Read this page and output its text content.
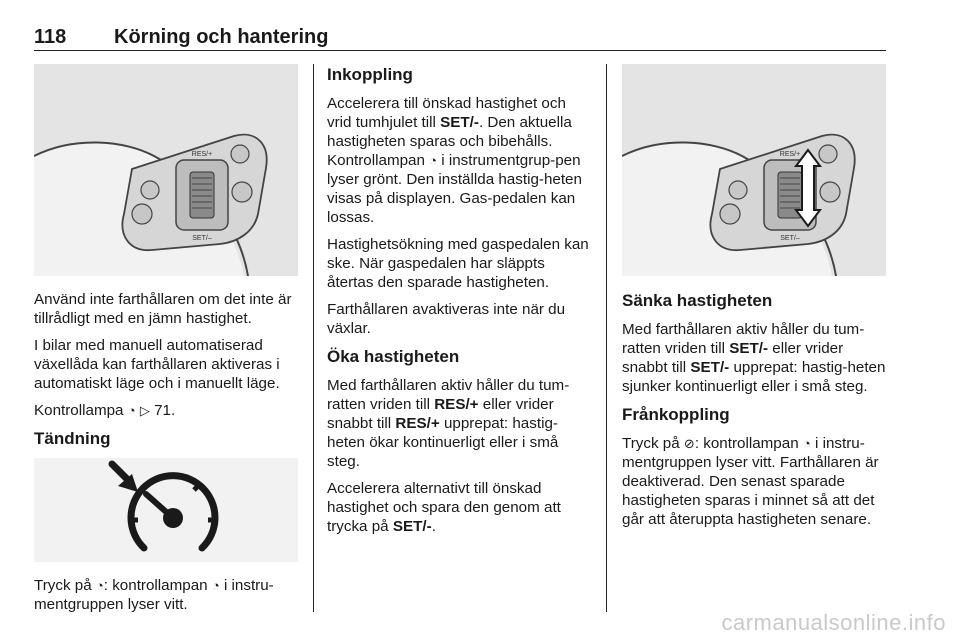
118 Körning och hantering
RES/+
SET/–

Använd inte farthållaren om det inte är tillrådligt med en jämn hastighet.

I bilar med manuell automatiserad växellåda kan farthållaren aktiveras i automatiskt läge och i manuellt läge.

Kontrollampa ◔ ▷ 71.

Tändning

Tryck på ◔: kontrollampan ◔ i instru-mentgruppen lyser vitt.

Inkoppling

Accelerera till önskad hastighet och vrid tumhjulet till SET/-. Den aktuella hastigheten sparas och bibehålls. Kontrollampan ◔ i instrumentgrup-pen lyser grönt. Den inställda hastig-heten visas på displayen. Gas-pedalen kan lossas.

Hastighetsökning med gaspedalen kan ske. När gaspedalen har släppts återtas den sparade hastigheten.

Farthållaren avaktiveras inte när du växlar.

Öka hastigheten

Med farthållaren aktiv håller du tum-ratten vriden till RES/+ eller vrider snabbt till RES/+ upprepat: hastig-heten ökar kontinuerligt eller i små steg.

Accelerera alternativt till önskad hastighet och spara den genom att trycka på SET/-.

RES/+
SET/–
Sänka hastigheten

Med farthållaren aktiv håller du tum-ratten vriden till SET/- eller vrider snabbt till SET/- upprepat: hastig-heten sjunker kontinuerligt eller i små steg.

Frånkoppling

Tryck på ⊘: kontrollampan ◔ i instru-mentgruppen lyser vitt. Farthållaren är deaktiverad. Den senast sparade hastigheten sparas i minnet så att det går att återuppta hastigheten senare.

carmanualsonline.info
